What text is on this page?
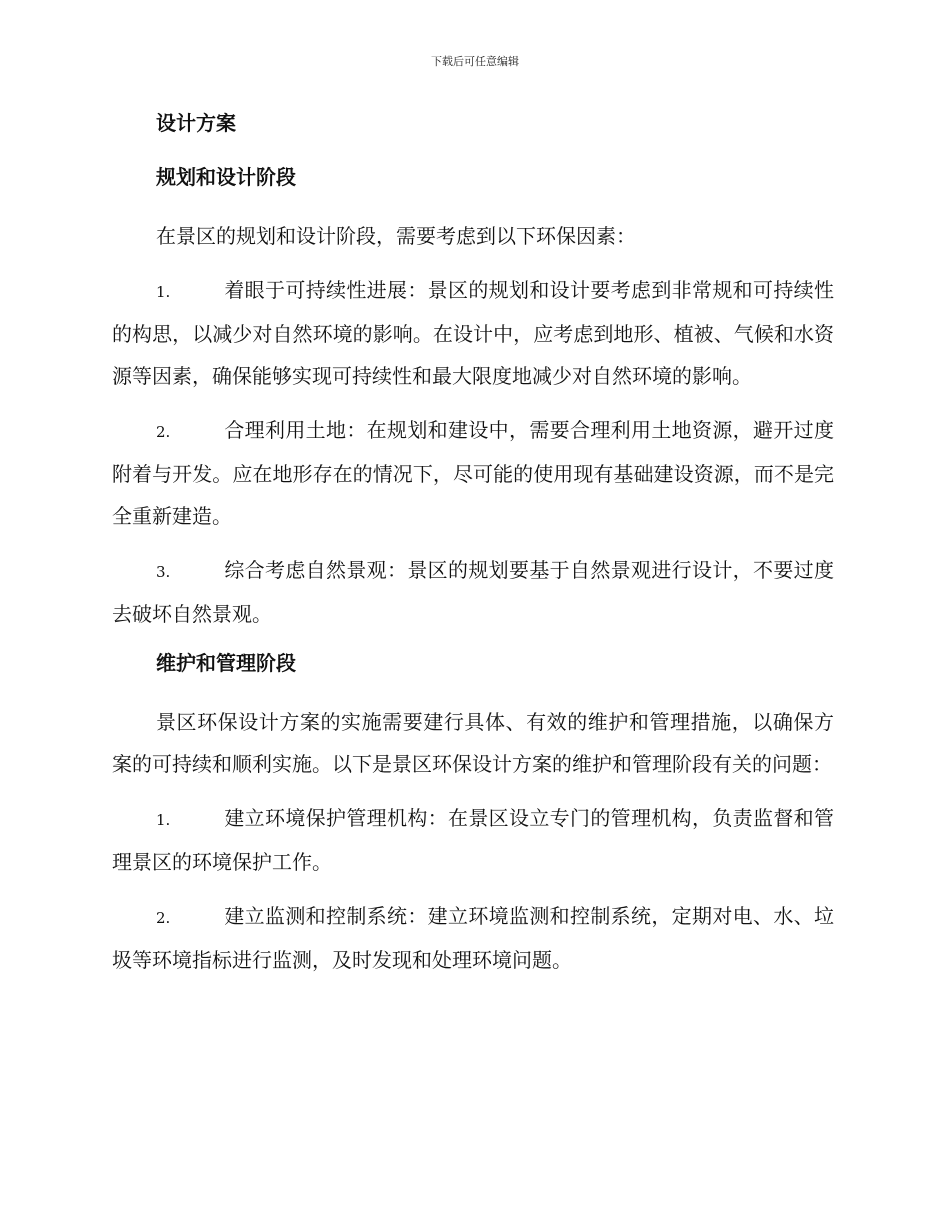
下载后可任意编辑
设计方案
规划和设计阶段
在景区的规划和设计阶段，需要考虑到以下环保因素：
1.	着眼于可持续性进展：景区的规划和设计要考虑到非常规和可持续性的构思，以减少对自然环境的影响。在设计中，应考虑到地形、植被、气候和水资源等因素，确保能够实现可持续性和最大限度地减少对自然环境的影响。
2.	合理利用土地：在规划和建设中，需要合理利用土地资源，避开过度附着与开发。应在地形存在的情况下，尽可能的使用现有基础建设资源，而不是完全重新建造。
3.	综合考虑自然景观：景区的规划要基于自然景观进行设计，不要过度去破坏自然景观。
维护和管理阶段
景区环保设计方案的实施需要建行具体、有效的维护和管理措施，以确保方案的可持续和顺利实施。以下是景区环保设计方案的维护和管理阶段有关的问题：
1.	建立环境保护管理机构：在景区设立专门的管理机构，负责监督和管理景区的环境保护工作。
2.	建立监测和控制系统：建立环境监测和控制系统，定期对电、水、垃圾等环境指标进行监测，及时发现和处理环境问题。
